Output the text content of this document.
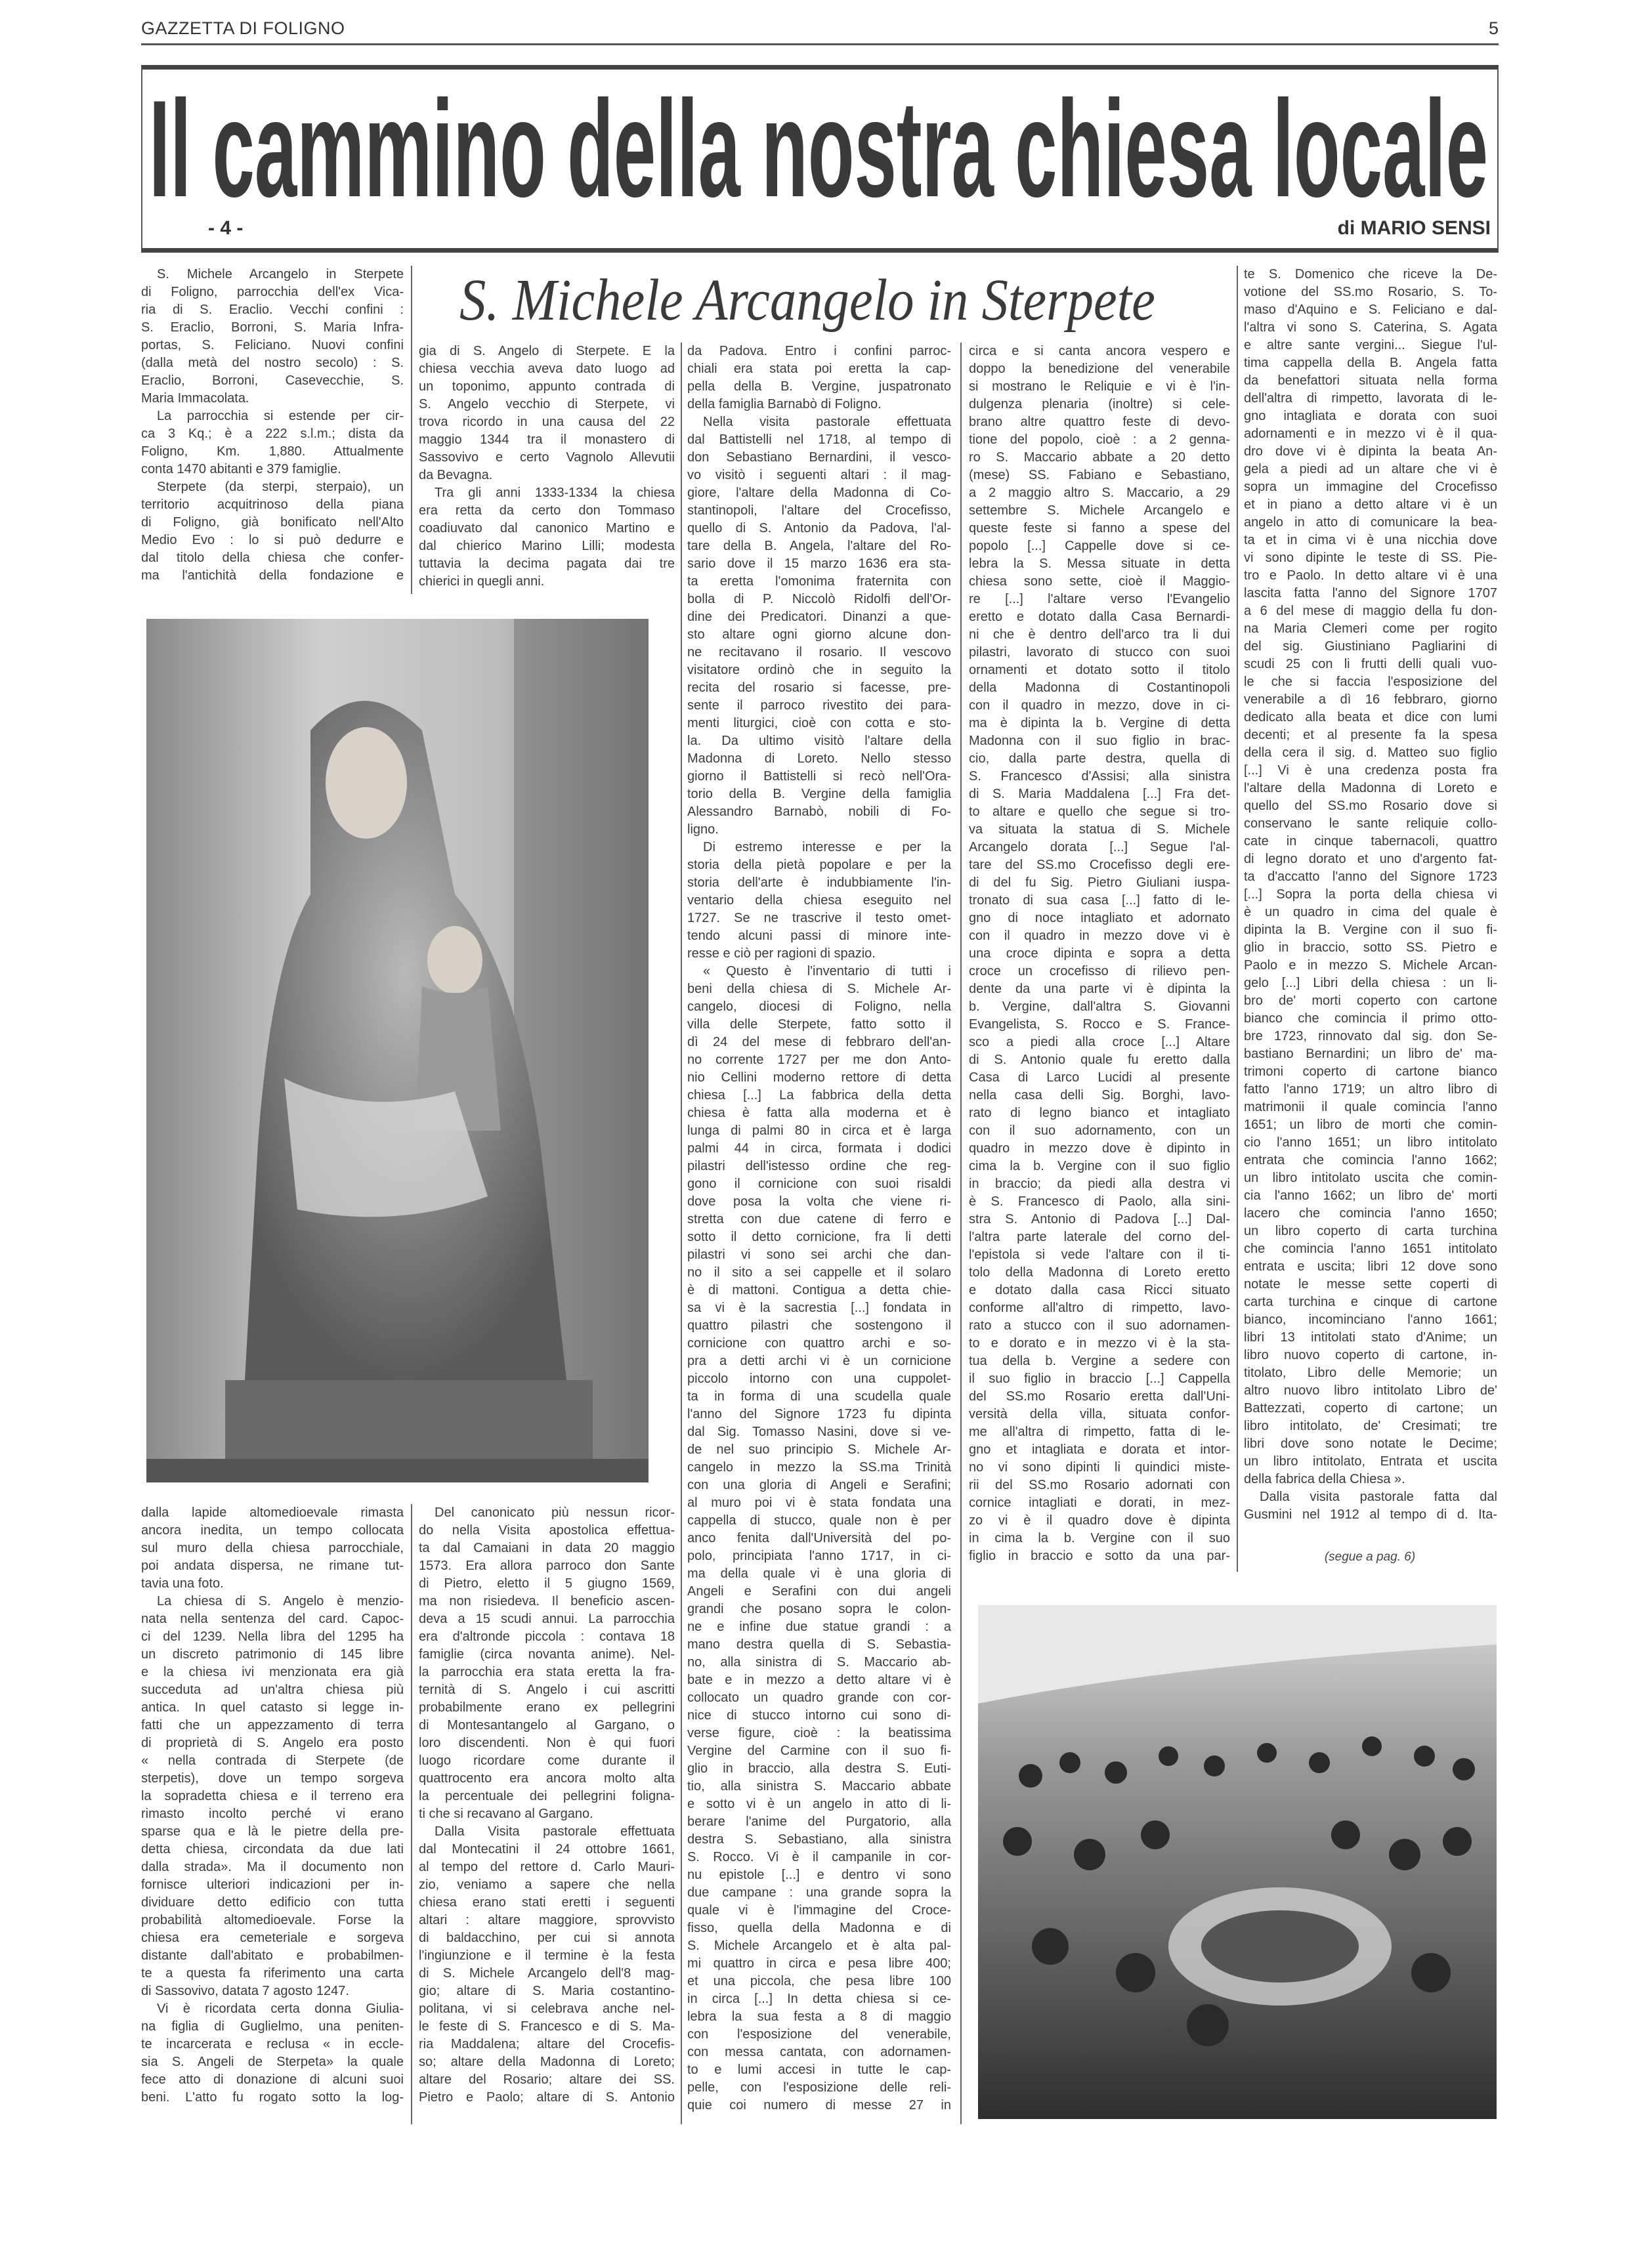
GAZZETTA DI FOLIGNO	5
Il cammino della nostra chiesa locale
- 4 -	di MARIO SENSI
S. Michele Arcangelo in Sterpete
S. Michele Arcangelo in Sterpete
di Foligno, parrocchia dell'ex Vica-
ria di S. Eraclio. Vecchi confini :
S. Eraclio, Borroni, S. Maria Infra-
portas, S. Feliciano. Nuovi confini
(dalla metà del nostro secolo) : S.
Eraclio, Borroni, Casevecchie, S.
Maria Immacolata.
La parrocchia si estende per cir-
ca 3 Kq.; è a 222 s.l.m.; dista da
Foligno, Km. 1,880. Attualmente
conta 1470 abitanti e 379 famiglie.
Sterpete (da sterpi, sterpaio), un
territorio acquitrinoso della piana
di Foligno, già bonificato nell'Alto
Medio Evo : lo si può dedurre e
dal titolo della chiesa che confer-
ma l'antichità della fondazione e
gia di S. Angelo di Sterpete. E la
chiesa vecchia aveva dato luogo ad
un toponimo, appunto contrada di
S. Angelo vecchio di Sterpete, vi
trova ricordo in una causa del 22
maggio 1344 tra il monastero di
Sassovivo e certo Vagnolo Allevutii
da Bevagna.
Tra gli anni 1333-1334 la chiesa
era retta da certo don Tommaso
coadiuvato dal canonico Martino e
dal chierico Marino Lilli; modesta
tuttavia la decima pagata dai tre
chierici in quegli anni.
da Padova. Entro i confini parroc-
chiali era stata poi eretta la cap-
pella della B. Vergine, juspatronato
della famiglia Barnabò di Foligno.
Nella visita pastorale effettuata
dal Battistelli nel 1718, al tempo di
don Sebastiano Bernardini, il vesco-
vo visitò i seguenti altari : il mag-
giore, l'altare della Madonna di Co-
stantinopoli, l'altare del Crocefisso,
quello di S. Antonio da Padova, l'al-
tare della B. Angela, l'altare del Ro-
sario dove il 15 marzo 1636 era sta-
ta eretta l'omonima fraternita con
bolla di P. Niccolò Ridolfi dell'Or-
dine dei Predicatori. Dinanzi a que-
sto altare ogni giorno alcune don-
ne recitavano il rosario. Il vescovo
visitatore ordinò che in seguito la
recita del rosario si facesse, pre-
sente il parroco rivestito dei para-
menti liturgici, cioè con cotta e sto-
la. Da ultimo visitò l'altare della
Madonna di Loreto. Nello stesso
giorno il Battistelli si recò nell'Ora-
torio della B. Vergine della famiglia
Alessandro Barnabò, nobili di Fo-
ligno.
Di estremo interesse e per la
storia della pietà popolare e per la
storia dell'arte è indubbiamente l'in-
ventario della chiesa eseguito nel
1727. Se ne trascrive il testo omet-
tendo alcuni passi di minore inte-
resse e ciò per ragioni di spazio.
« Questo è l'inventario di tutti i
beni della chiesa di S. Michele Ar-
cangelo, diocesi di Foligno, nella
villa delle Sterpete, fatto sotto il
dì 24 del mese di febbraro dell'an-
no corrente 1727 per me don Anto-
nio Cellini moderno rettore di detta
chiesa [...] La fabbrica della detta
chiesa è fatta alla moderna et è
lunga di palmi 80 in circa et è larga
palmi 44 in circa, formata i dodici
pilastri dell'istesso ordine che reg-
gono il cornicione con suoi risaldi
dove posa la volta che viene ri-
stretta con due catene di ferro e
sotto il detto cornicione, fra li detti
pilastri vi sono sei archi che dan-
no il sito a sei cappelle et il solaro
è di mattoni. Contigua a detta chie-
sa vi è la sacrestia [...] fondata in
quattro pilastri che sostengono il
cornicione con quattro archi e so-
pra a detti archi vi è un cornicione
piccolo intorno con una cuppolet-
ta in forma di una scudella quale
l'anno del Signore 1723 fu dipinta
dal Sig. Tomasso Nasini, dove si ve-
de nel suo principio S. Michele Ar-
cangelo in mezzo la SS.ma Trinità
con una gloria di Angeli e Serafini;
al muro poi vi è stata fondata una
cappella di stucco, quale non è per
anco fenita dall'Università del po-
polo, principiata l'anno 1717, in ci-
ma della quale vi è una gloria di
Angeli e Serafini con dui angeli
grandi che posano sopra le colon-
ne e infine due statue grandi : a
mano destra quella di S. Sebastia-
no, alla sinistra di S. Maccario ab-
bate e in mezzo a detto altare vi è
collocato un quadro grande con cor-
nice di stucco intorno cui sono di-
verse figure, cioè : la beatissima
Vergine del Carmine con il suo fi-
glio in braccio, alla destra S. Euti-
tio, alla sinistra S. Maccario abbate
e sotto vi è un angelo in atto di li-
berare l'anime del Purgatorio, alla
destra S. Sebastiano, alla sinistra
S. Rocco. Vi è il campanile in cor-
nu epistole [...] e dentro vi sono
due campane : una grande sopra la
quale vi è l'immagine del Croce-
fisso, quella della Madonna e di
S. Michele Arcangelo et è alta pal-
mi quattro in circa e pesa libre 400;
et una piccola, che pesa libre 100
in circa [...] In detta chiesa si ce-
lebra la sua festa a 8 di maggio
con l'esposizione del venerabile,
con messa cantata, con adornamen-
to e lumi accesi in tutte le cap-
pelle, con l'esposizione delle reli-
quie coi numero di messe 27 in
circa e si canta ancora vespero e
doppo la benedizione del venerabile
si mostrano le Reliquie e vi è l'in-
dulgenza plenaria (inoltre) si cele-
brano altre quattro feste di devo-
tione del popolo, cioè : a 2 genna-
ro S. Maccario abbate a 20 detto
(mese) SS. Fabiano e Sebastiano,
a 2 maggio altro S. Maccario, a 29
settembre S. Michele Arcangelo e
queste feste si fanno a spese del
popolo [...] Cappelle dove si ce-
lebra la S. Messa situate in detta
chiesa sono sette, cioè il Maggio-
re [...] l'altare verso l'Evangelio
eretto e dotato dalla Casa Bernardi-
ni che è dentro dell'arco tra li dui
pilastri, lavorato di stucco con suoi
ornamenti et dotato sotto il titolo
della Madonna di Costantinopoli
con il quadro in mezzo, dove in ci-
ma è dipinta la b. Vergine di detta
Madonna con il suo figlio in brac-
cio, dalla parte destra, quella di
S. Francesco d'Assisi; alla sinistra
di S. Maria Maddalena [...] Fra det-
to altare e quello che segue si tro-
va situata la statua di S. Michele
Arcangelo dorata [...] Segue l'al-
tare del SS.mo Crocefisso degli ere-
di del fu Sig. Pietro Giuliani iuspa-
tronato di sua casa [...] fatto di le-
gno di noce intagliato et adornato
con il quadro in mezzo dove vi è
una croce dipinta e sopra a detta
croce un crocefisso di rilievo pen-
dente da una parte vi è dipinta la
b. Vergine, dall'altra S. Giovanni
Evangelista, S. Rocco e S. France-
sco a piedi alla croce [...] Altare
di S. Antonio quale fu eretto dalla
Casa di Larco Lucidi al presente
nella casa delli Sig. Borghi, lavo-
rato di legno bianco et intagliato
con il suo adornamento, con un
quadro in mezzo dove è dipinto in
cima la b. Vergine con il suo figlio
in braccio; da piedi alla destra vi
è S. Francesco di Paolo, alla sini-
stra S. Antonio di Padova [...] Dal-
l'altra parte laterale del corno del-
l'epistola si vede l'altare con il ti-
tolo della Madonna di Loreto eretto
e dotato dalla casa Ricci situato
conforme all'altro di rimpetto, lavo-
rato a stucco con il suo adornamen-
to e dorato e in mezzo vi è la sta-
tua della b. Vergine a sedere con
il suo figlio in braccio [...] Cappella
del SS.mo Rosario eretta dall'Uni-
versità della villa, situata confor-
me all'altra di rimpetto, fatta di le-
gno et intagliata e dorata et intor-
no vi sono dipinti li quindici miste-
rii del SS.mo Rosario adornati con
cornice intagliati e dorati, in mez-
zo vi è il quadro dove è dipinta
in cima la b. Vergine con il suo
figlio in braccio e sotto da una par-
te S. Domenico che riceve la De-
votione del SS.mo Rosario, S. To-
maso d'Aquino e S. Feliciano e dal-
l'altra vi sono S. Caterina, S. Agata
e altre sante vergini... Siegue l'ul-
tima cappella della B. Angela fatta
da benefattori situata nella forma
dell'altra di rimpetto, lavorata di le-
gno intagliata e dorata con suoi
adornamenti e in mezzo vi è il qua-
dro dove vi è dipinta la beata An-
gela a piedi ad un altare che vi è
sopra un immagine del Crocefisso
et in piano a detto altare vi è un
angelo in atto di comunicare la bea-
ta et in cima vi è una nicchia dove
vi sono dipinte le teste di SS. Pie-
tro e Paolo. In detto altare vi è una
lascita fatta l'anno del Signore 1707
a 6 del mese di maggio della fu don-
na Maria Clemeri come per rogito
del sig. Giustiniano Pagliarini di
scudi 25 con li frutti delli quali vuo-
le che si faccia l'esposizione del
venerabile a dì 16 febbraro, giorno
dedicato alla beata et dice con lumi
decenti; et al presente fa la spesa
della cera il sig. d. Matteo suo figlio
[...] Vi è una credenza posta fra
l'altare della Madonna di Loreto e
quello del SS.mo Rosario dove si
conservano le sante reliquie collo-
cate in cinque tabernacoli, quattro
di legno dorato et uno d'argento fat-
ta d'accatto l'anno del Signore 1723
[...] Sopra la porta della chiesa vi
è un quadro in cima del quale è
dipinta la B. Vergine con il suo fi-
glio in braccio, sotto SS. Pietro e
Paolo e in mezzo S. Michele Arcan-
gelo [...] Libri della chiesa : un li-
bro de' morti coperto con cartone
bianco che comincia il primo otto-
bre 1723, rinnovato dal sig. don Se-
bastiano Bernardini; un libro de' ma-
trimoni coperto di cartone bianco
fatto l'anno 1719; un altro libro di
matrimonii il quale comincia l'anno
1651; un libro de morti che comin-
cio l'anno 1651; un libro intitolato
entrata che comincia l'anno 1662;
un libro intitolato uscita che comin-
cia l'anno 1662; un libro de' morti
lacero che comincia l'anno 1650;
un libro coperto di carta turchina
che comincia l'anno 1651 intitolato
entrata e uscita; libri 12 dove sono
notate le messe sette coperti di
carta turchina e cinque di cartone
bianco, incominciano l'anno 1661;
libri 13 intitolati stato d'Anime; un
libro nuovo coperto di cartone, in-
titolato, Libro delle Memorie; un
altro nuovo libro intitolato Libro de'
Battezzati, coperto di cartone; un
libro intitolato, de' Cresimati; tre
libri dove sono notate le Decime;
un libro intitolato, Entrata et uscita
della fabrica della Chiesa ».
Dalla visita pastorale fatta dal
Gusmini nel 1912 al tempo di d. Ita-
dalla lapide altomedioevale rimasta
ancora inedita, un tempo collocata
sul muro della chiesa parrocchiale,
poi andata dispersa, ne rimane tut-
tavia una foto.
La chiesa di S. Angelo è menzio-
nata nella sentenza del card. Capoc-
ci del 1239. Nella libra del 1295 ha
un discreto patrimonio di 145 libre
e la chiesa ivi menzionata era già
succeduta ad un'altra chiesa più
antica. In quel catasto si legge in-
fatti che un appezzamento di terra
di proprietà di S. Angelo era posto
« nella contrada di Sterpete (de
sterpetis), dove un tempo sorgeva
la sopradetta chiesa e il terreno era
rimasto incolto perché vi erano
sparse qua e là le pietre della pre-
detta chiesa, circondata da due lati
dalla strada». Ma il documento non
fornisce ulteriori indicazioni per in-
dividuare detto edificio con tutta
probabilità altomedioevale. Forse la
chiesa era cemeteriale e sorgeva
distante dall'abitato e probabilmen-
te a questa fa riferimento una carta
di Sassovivo, datata 7 agosto 1247.
Vi è ricordata certa donna Giulia-
na figlia di Guglielmo, una peniten-
te incarcerata e reclusa « in eccle-
sia S. Angeli de Sterpeta» la quale
fece atto di donazione di alcuni suoi
beni. L'atto fu rogato sotto la log-
Del canonicato più nessun ricor-
do nella Visita apostolica effettua-
ta dal Camaiani in data 20 maggio
1573. Era allora parroco don Sante
di Pietro, eletto il 5 giugno 1569,
ma non risiedeva. Il beneficio ascen-
deva a 15 scudi annui. La parrocchia
era d'altronde piccola : contava 18
famiglie (circa novanta anime). Nel-
la parrocchia era stata eretta la fra-
ternità di S. Angelo i cui ascritti
probabilmente erano ex pellegrini
di Montesantangelo al Gargano, o
loro discendenti. Non è qui fuori
luogo ricordare come durante il
quattrocento era ancora molto alta
la percentuale dei pellegrini foligna-
ti che si recavano al Gargano.
Dalla Visita pastorale effettuata
dal Montecatini il 24 ottobre 1661,
al tempo del rettore d. Carlo Mauri-
zio, veniamo a sapere che nella
chiesa erano stati eretti i seguenti
altari : altare maggiore, sprovvisto
di baldacchino, per cui si annota
l'ingiunzione e il termine è la festa
di S. Michele Arcangelo dell'8 mag-
gio; altare di S. Maria costantino-
politana, vi si celebrava anche nel-
le feste di S. Francesco e di S. Ma-
ria Maddalena; altare del Crocefis-
so; altare della Madonna di Loreto;
altare del Rosario; altare dei SS.
Pietro e Paolo; altare di S. Antonio
(segue a pag. 6)
